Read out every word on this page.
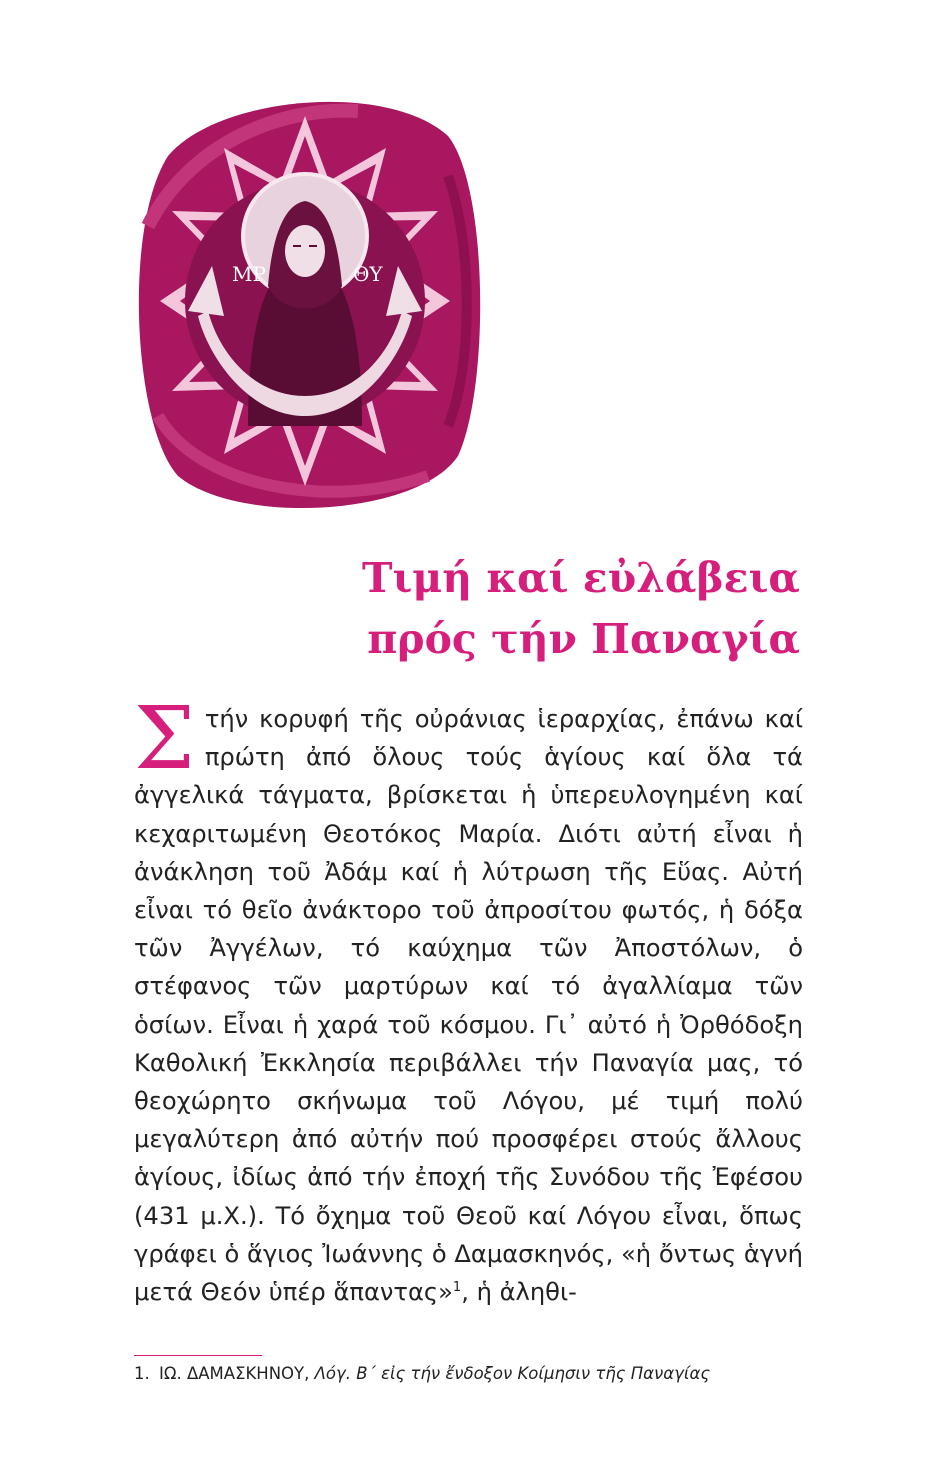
ΜΡ	ΘΥ
Τιμή καί εὐλάβεια
πρός τήν Παναγία

Στήν κορυφή τῆς οὐράνιας ἱεραρχίας, ἐπάνω καί πρώτη ἀπό ὅλους τούς ἁγίους καί ὅλα τά ἀγγελικά τάγματα, βρίσκεται ἡ ὑπερευλογημένη καί κεχαριτωμένη Θεοτόκος Μαρία. Διότι αὐτή εἶναι ἡ ἀνάκληση τοῦ Ἀδάμ καί ἡ λύτρωση τῆς Εὕας. Αὐτή εἶναι τό θεῖο ἀνάκτορο τοῦ ἀπροσίτου φωτός, ἡ δόξα τῶν Ἀγγέλων, τό καύχημα τῶν Ἀποστόλων, ὁ στέφανος τῶν μαρτύρων καί τό ἀγαλλίαμα τῶν ὁσίων. Εἶναι ἡ χαρά τοῦ κόσμου. Γι᾽ αὐτό ἡ Ὀρθόδοξη Καθολική Ἐκκλησία περιβάλλει τήν Παναγία μας, τό θεοχώρητο σκήνωμα τοῦ Λόγου, μέ τιμή πολύ μεγαλύτερη ἀπό αὐτήν πού προσφέρει στούς ἄλλους ἁγίους, ἰδίως ἀπό τήν ἐποχή τῆς Συνόδου τῆς Ἐφέσου (431 μ.Χ.). Τό ὄχημα τοῦ Θεοῦ καί Λόγου εἶναι, ὅπως γράφει ὁ ἅγιος Ἰωάννης ὁ Δαμασκηνός, «ἡ ὄντως ἁγνή μετά Θεόν ὑπέρ ἅπαντας»$^1$, ἡ ἀληθι-

1. ΙΩ. ΔΑΜΑΣΚΗΝΟΥ, Λόγ. Β΄ εἰς τήν ἔνδοξον Κοίμησιν τῆς Παναγίας
